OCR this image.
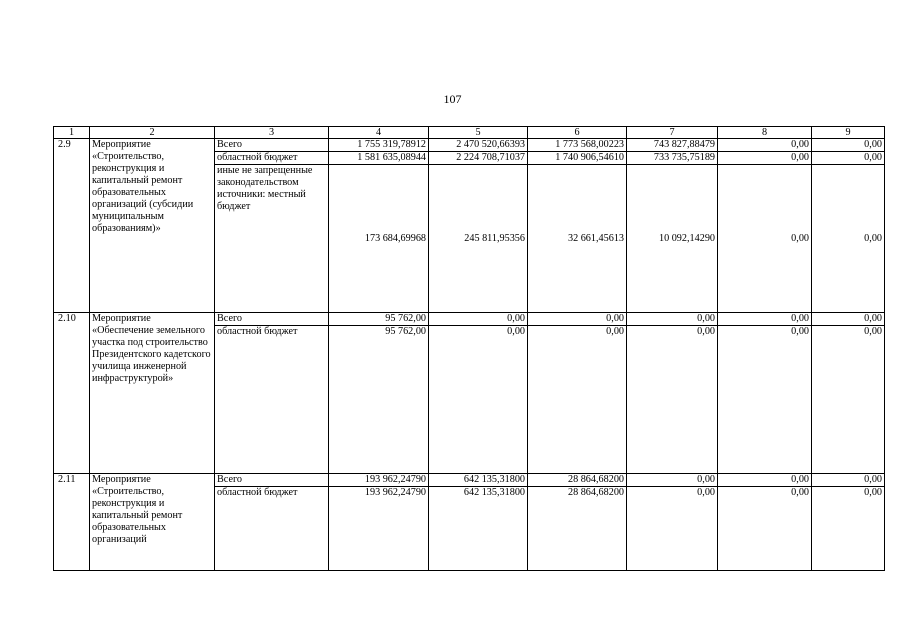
107
1	2	3	4	5	6	7	8	9
2.9	Мероприятие «Строительство, реконструкция и капитальный ремонт образовательных организаций (субсидии муниципальным образованиям)»	Всего	1 755 319,78912	2 470 520,66393	1 773 568,00223	743 827,88479	0,00	0,00
		областной бюджет	1 581 635,08944	2 224 708,71037	1 740 906,54610	733 735,75189	0,00	0,00
		иные не запрещенные законодательством источники: местный бюджет	173 684,69968	245 811,95356	32 661,45613	10 092,14290	0,00	0,00
2.10	Мероприятие «Обеспечение земельного участка под строительство Президентского кадетского училища инженерной инфраструктурой»	Всего	95 762,00	0,00	0,00	0,00	0,00	0,00
		областной бюджет	95 762,00	0,00	0,00	0,00	0,00	0,00
2.11	Мероприятие «Строительство, реконструкция и капитальный ремонт образовательных организаций	Всего	193 962,24790	642 135,31800	28 864,68200	0,00	0,00	0,00
		областной бюджет	193 962,24790	642 135,31800	28 864,68200	0,00	0,00	0,00
